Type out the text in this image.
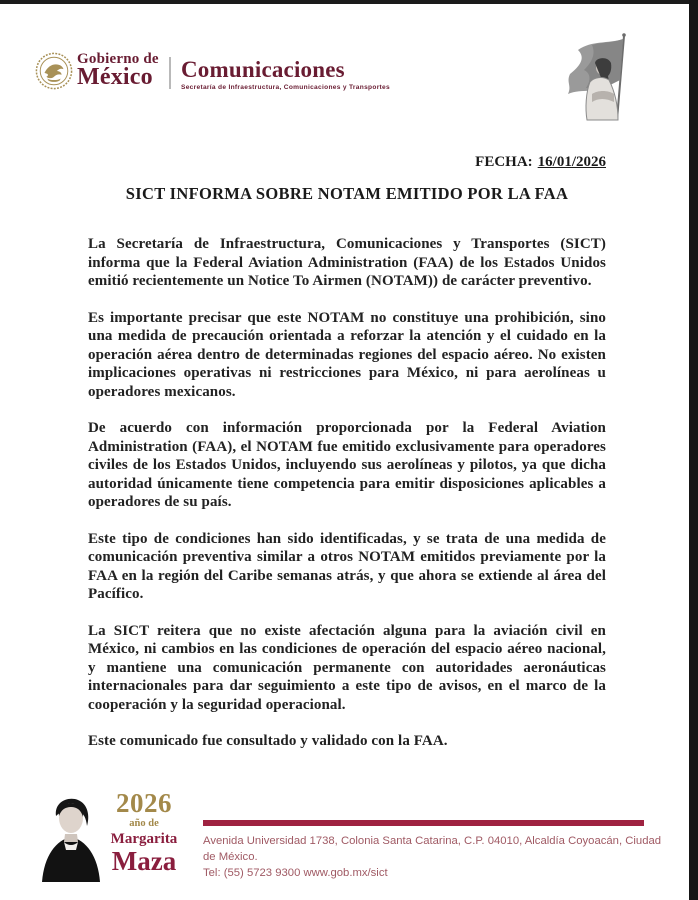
Gobierno de
México Comunicaciones
Secretaría de Infraestructura, Comunicaciones y Transportes
FECHA: 16/01/2026
SICT INFORMA SOBRE NOTAM EMITIDO POR LA FAA

La Secretaría de Infraestructura, Comunicaciones y Transportes (SICT) informa que la Federal Aviation Administration (FAA) de los Estados Unidos emitió recientemente un Notice To Airmen (NOTAM)) de carácter preventivo.

Es importante precisar que este NOTAM no constituye una prohibición, sino una medida de precaución orientada a reforzar la atención y el cuidado en la operación aérea dentro de determinadas regiones del espacio aéreo. No existen implicaciones operativas ni restricciones para México, ni para aerolíneas u operadores mexicanos.

De acuerdo con información proporcionada por la Federal Aviation Administration (FAA), el NOTAM fue emitido exclusivamente para operadores civiles de los Estados Unidos, incluyendo sus aerolíneas y pilotos, ya que dicha autoridad únicamente tiene competencia para emitir disposiciones aplicables a operadores de su país.

Este tipo de condiciones han sido identificadas, y se trata de una medida de comunicación preventiva similar a otros NOTAM emitidos previamente por la FAA en la región del Caribe semanas atrás, y que ahora se extiende al área del Pacífico.

La SICT reitera que no existe afectación alguna para la aviación civil en México, ni cambios en las condiciones de operación del espacio aéreo nacional, y mantiene una comunicación permanente con autoridades aeronáuticas internacionales para dar seguimiento a este tipo de avisos, en el marco de la cooperación y la seguridad operacional.

Este comunicado fue consultado y validado con la FAA.

2026
año de
Margarita
Maza
Avenida Universidad 1738, Colonia Santa Catarina, C.P. 04010, Alcaldía Coyoacán, Ciudad de México.
Tel: (55) 5723 9300 www.gob.mx/sict
